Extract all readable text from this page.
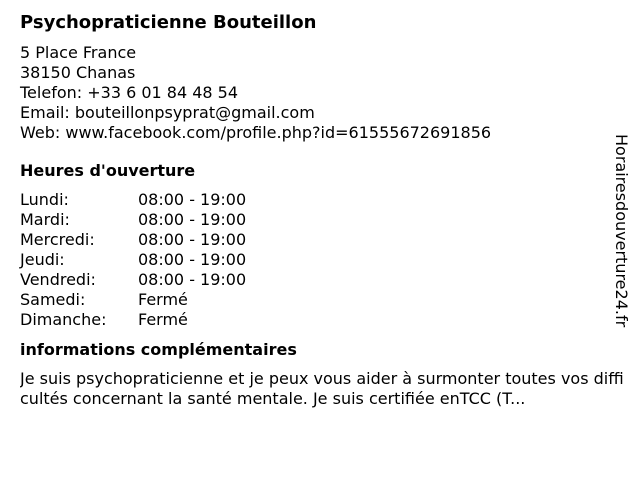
Psychopraticienne Bouteillon
5 Place France
38150 Chanas
Telefon: +33 6 01 84 48 54
Email: bouteillonpsyprat@gmail.com
Web: www.facebook.com/profile.php?id=61555672691856
Heures d'ouverture
Lundi:	08:00 - 19:00
Mardi:	08:00 - 19:00
Mercredi:	08:00 - 19:00
Jeudi:	08:00 - 19:00
Vendredi:	08:00 - 19:00
Samedi:	Fermé
Dimanche:	Fermé
informations complémentaires
Je suis psychopraticienne et je peux vous aider à surmonter toutes vos difficultés concernant la santé mentale. Je suis certifiée enTCC (T...
Horairesdouverture24.fr
